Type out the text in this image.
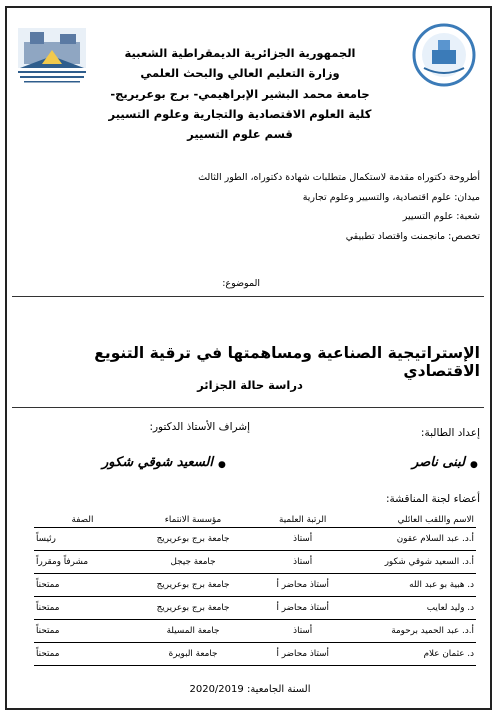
الجمهورية الجزائرية الديمقراطية الشعبية
وزارة التعليم العالي والبحث العلمي
جامعة محمد البشير الإبراهيمي- برج بوعريريج-
كلية العلوم الاقتصادية والتجارية وعلوم التسيير
قسم علوم التسيير
أطروحة دكتوراه مقدمة لاستكمال متطلبات شهادة دكتوراه، الطور الثالث
ميدان: علوم اقتصادية، والتسيير وعلوم تجارية
شعبة: علوم التسيير
تخصص: مانجمنت واقتصاد تطبيقي
الموضوع:
الإستراتيجية الصناعية ومساهمتها في ترقية التنويع الاقتصادي
دراسة حالة الجزائر
إعداد الطالبة:
إشراف الأستاذ الدكتور:
●
لبنى ناصر
●
السعيد شوقي شكور
أعضاء لجنة المناقشة:
الاسم واللقب العائلي	الرتبة العلمية	مؤسسة الانتماء	الصفة
أ.د. عبد السلام عقون	أستاذ	جامعة برج بوعريريج	رئيساً
أ.د. السعيد شوقي شكور	أستاذ	جامعة جيجل	مشرفاً ومقرراً
د. هبية بو عبد الله	أستاذ محاضر أ	جامعة برج بوعريريج	ممتحناً
د. وليد لعايب	أستاذ محاضر أ	جامعة برج بوعريريج	ممتحناً
أ.د. عبد الحميد برحومة	أستاذ	جامعة المسيلة	ممتحناً
د. عثمان علام	أستاذ محاضر أ	جامعة البويرة	ممتحناً
السنة الجامعية: 2020/2019
